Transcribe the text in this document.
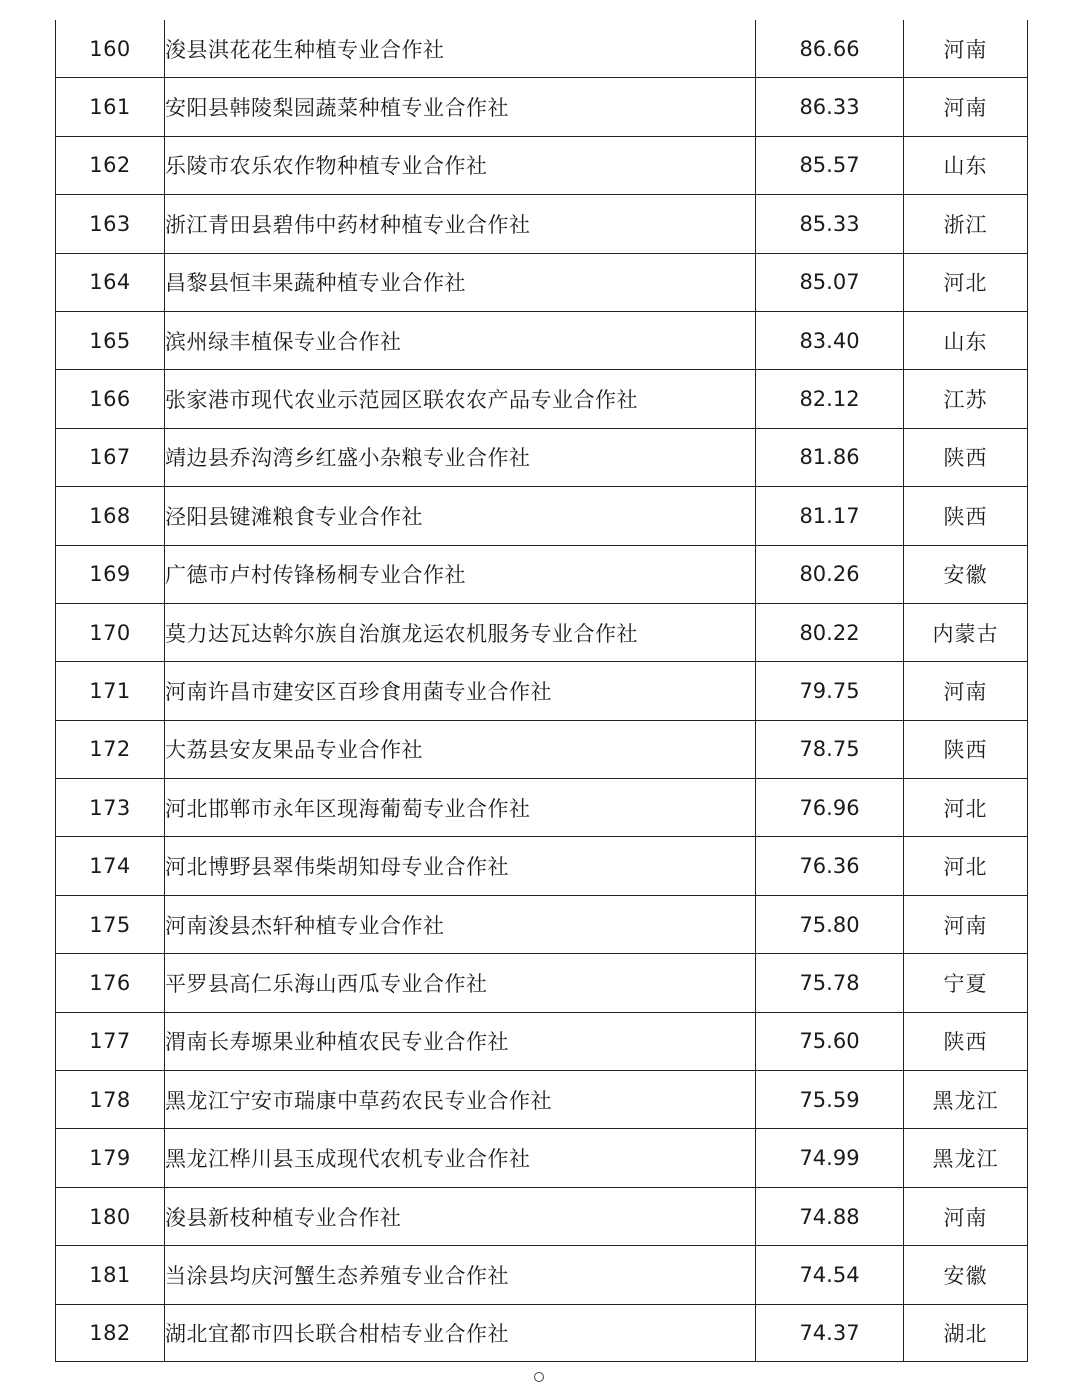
160	浚县淇花花生种植专业合作社	86.66	河南
161	安阳县韩陵梨园蔬菜种植专业合作社	86.33	河南
162	乐陵市农乐农作物种植专业合作社	85.57	山东
163	浙江青田县碧伟中药材种植专业合作社	85.33	浙江
164	昌黎县恒丰果蔬种植专业合作社	85.07	河北
165	滨州绿丰植保专业合作社	83.40	山东
166	张家港市现代农业示范园区联农农产品专业合作社	82.12	江苏
167	靖边县乔沟湾乡红盛小杂粮专业合作社	81.86	陕西
168	泾阳县键滩粮食专业合作社	81.17	陕西
169	广德市卢村传锋杨桐专业合作社	80.26	安徽
170	莫力达瓦达斡尔族自治旗龙运农机服务专业合作社	80.22	内蒙古
171	河南许昌市建安区百珍食用菌专业合作社	79.75	河南
172	大荔县安友果品专业合作社	78.75	陕西
173	河北邯郸市永年区现海葡萄专业合作社	76.96	河北
174	河北博野县翠伟柴胡知母专业合作社	76.36	河北
175	河南浚县杰轩种植专业合作社	75.80	河南
176	平罗县高仁乐海山西瓜专业合作社	75.78	宁夏
177	渭南长寿塬果业种植农民专业合作社	75.60	陕西
178	黑龙江宁安市瑞康中草药农民专业合作社	75.59	黑龙江
179	黑龙江桦川县玉成现代农机专业合作社	74.99	黑龙江
180	浚县新枝种植专业合作社	74.88	河南
181	当涂县均庆河蟹生态养殖专业合作社	74.54	安徽
182	湖北宜都市四长联合柑桔专业合作社	74.37	湖北
